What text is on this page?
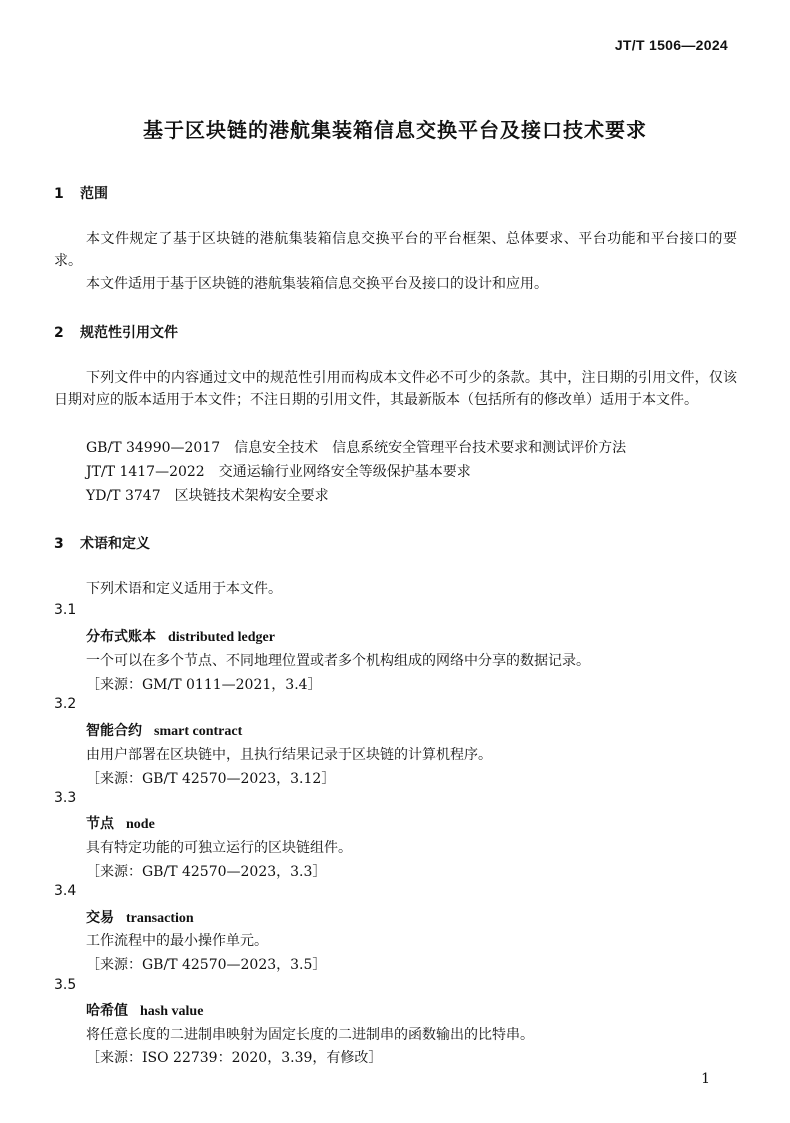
JT/T 1506—2024
基于区块链的港航集装箱信息交换平台及接口技术要求
1 范围
本文件规定了基于区块链的港航集装箱信息交换平台的平台框架、总体要求、平台功能和平台接口的要求。
本文件适用于基于区块链的港航集装箱信息交换平台及接口的设计和应用。
2 规范性引用文件
下列文件中的内容通过文中的规范性引用而构成本文件必不可少的条款。其中，注日期的引用文件，仅该日期对应的版本适用于本文件；不注日期的引用文件，其最新版本（包括所有的修改单）适用于本文件。
GB/T 34990—2017　信息安全技术　信息系统安全管理平台技术要求和测试评价方法
JT/T 1417—2022　交通运输行业网络安全等级保护基本要求
YD/T 3747　区块链技术架构安全要求
3 术语和定义
下列术语和定义适用于本文件。
3.1
分布式账本 distributed ledger
一个可以在多个节点、不同地理位置或者多个机构组成的网络中分享的数据记录。
［来源：GM/T 0111—2021，3.4］
3.2
智能合约 smart contract
由用户部署在区块链中，且执行结果记录于区块链的计算机程序。
［来源：GB/T 42570—2023，3.12］
3.3
节点 node
具有特定功能的可独立运行的区块链组件。
［来源：GB/T 42570—2023，3.3］
3.4
交易 transaction
工作流程中的最小操作单元。
［来源：GB/T 42570—2023，3.5］
3.5
哈希值 hash value
将任意长度的二进制串映射为固定长度的二进制串的函数输出的比特串。
［来源：ISO 22739：2020，3.39，有修改］
1
